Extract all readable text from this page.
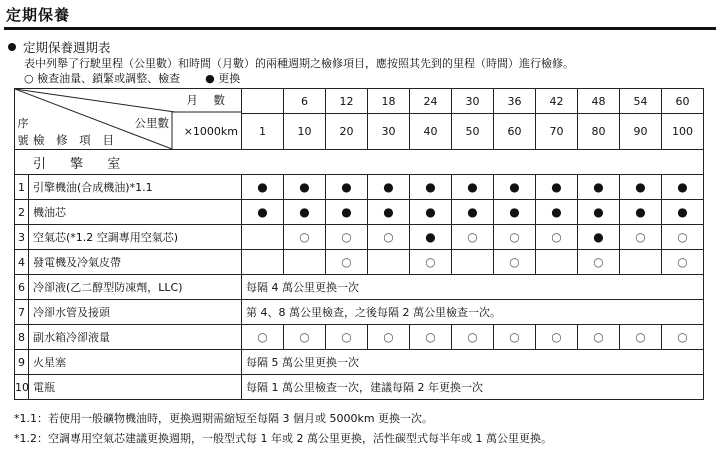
定期保養
定期保養週期表
表中列舉了行駛里程（公里數）和時間（月數）的兩種週期之檢修項目，應按照其先到的里程（時間）進行檢修。
○ 檢查油量、鎖緊或調整、檢查 ● 更換
月 數
公里數
序號 檢 修 項 目
×1000km			6	12	18	24	30	36	42	48	54	60
		1	10	20	30	40	50	60	70	80	90	100
引 擎 室												
1	引擎機油(合成機油)*1.1	●	●	●	●	●	●	●	●	●	●	●
2	機油芯	●	●	●	●	●	●	●	●	●	●	●
3	空氣芯(*1.2 空調專用空氣芯)		○	○	○	●	○	○	○	●	○	○
4	發電機及冷氣皮帶			○		○		○		○		○
6	冷卻液(乙二醇型防凍劑，LLC)	每隔 4 萬公里更換一次										
7	冷卻水管及接頭	第 4、8 萬公里檢查，之後每隔 2 萬公里檢查一次。										
8	副水箱冷卻液量	○	○	○	○	○	○	○	○	○	○	○
9	火星塞	每隔 5 萬公里更換一次										
10	電瓶	每隔 1 萬公里檢查一次，建議每隔 2 年更換一次										
*1.1：若使用一般礦物機油時，更換週期需縮短至每隔 3 個月或 5000km 更換一次。
*1.2：空調專用空氣芯建議更換週期，一般型式每 1 年或 2 萬公里更換，活性碳型式每半年或 1 萬公里更換。
